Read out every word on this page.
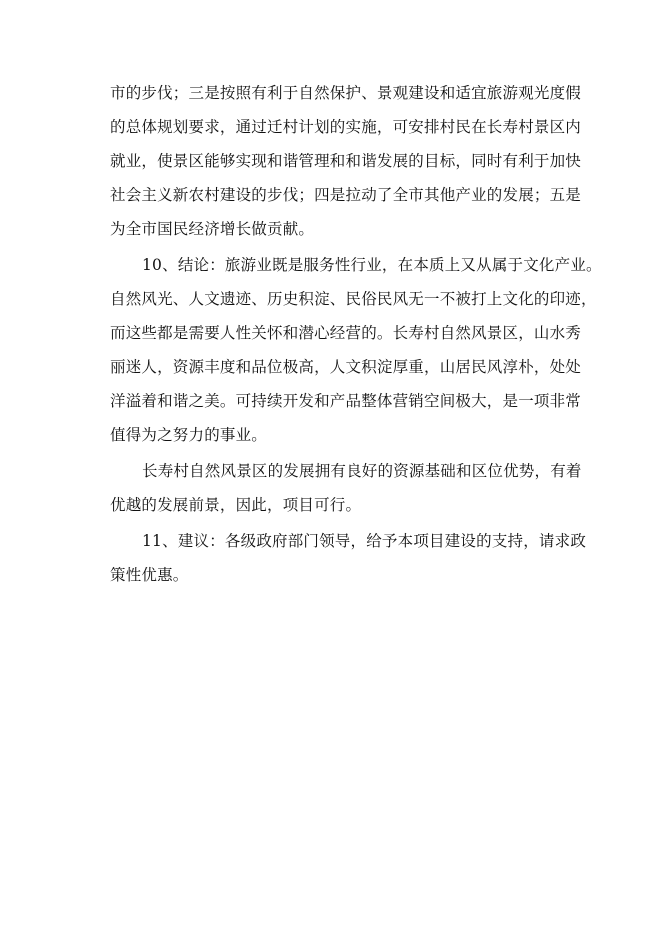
市的步伐；三是按照有利于自然保护、景观建设和适宜旅游观光度假
的总体规划要求，通过迁村计划的实施，可安排村民在长寿村景区内
就业，使景区能够实现和谐管理和和谐发展的目标，同时有利于加快
社会主义新农村建设的步伐；四是拉动了全市其他产业的发展；五是
为全市国民经济增长做贡献。
10、结论：旅游业既是服务性行业，在本质上又从属于文化产业。
自然风光、人文遗迹、历史积淀、民俗民风无一不被打上文化的印迹，
而这些都是需要人性关怀和潜心经营的。长寿村自然风景区，山水秀
丽迷人，资源丰度和品位极高，人文积淀厚重，山居民风淳朴，处处
洋溢着和谐之美。可持续开发和产品整体营销空间极大，是一项非常
值得为之努力的事业。
长寿村自然风景区的发展拥有良好的资源基础和区位优势，有着
优越的发展前景，因此，项目可行。
11、建议：各级政府部门领导，给予本项目建设的支持，请求政
策性优惠。
